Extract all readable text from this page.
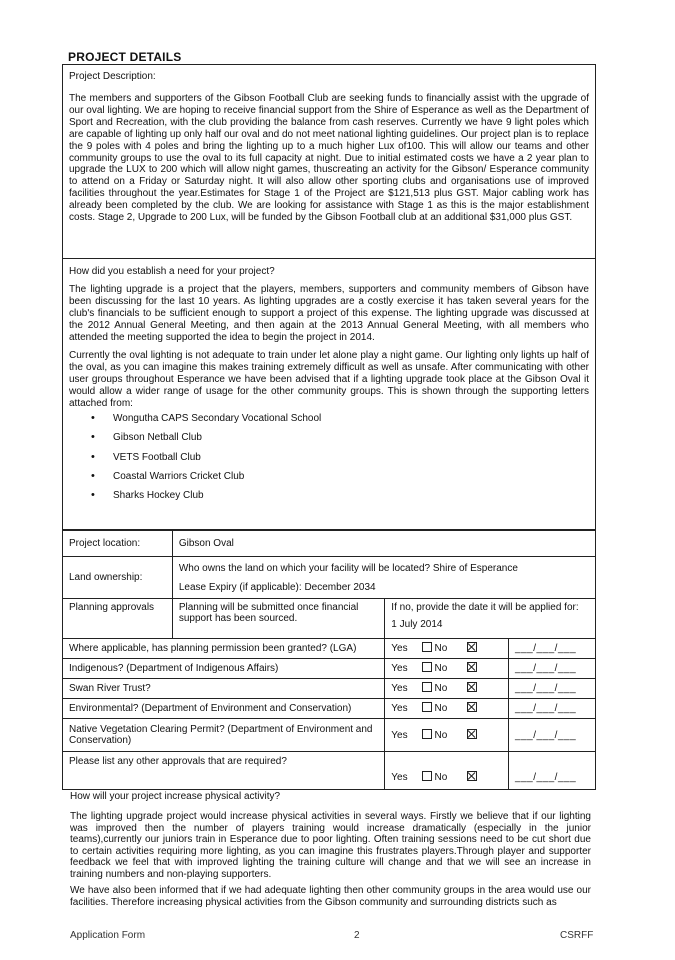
PROJECT DETAILS
Project Description:
The members and supporters of the Gibson Football Club are seeking funds to financially assist with the upgrade of our oval lighting. We are hoping to receive financial support from the Shire of Esperance as well as the Department of Sport and Recreation, with the club providing the balance from cash reserves. Currently we have 9 light poles which are capable of lighting up only half our oval and do not meet national lighting guidelines. Our project plan is to replace the 9 poles with 4 poles and bring the lighting up to a much higher Lux of100. This will allow our teams and other community groups to use the oval to its full capacity at night. Due to initial estimated costs we have a 2 year plan to upgrade the LUX to 200 which will allow night games, thuscreating an activity for the Gibson/ Esperance community to attend on a Friday or Saturday night. It will also allow other sporting clubs and organisations use of improved facilities throughout the year.Estimates for Stage 1 of the Project are $121,513 plus GST. Major cabling work has already been completed by the club. We are looking for assistance with Stage 1 as this is the major establishment costs. Stage 2, Upgrade to 200 Lux, will be funded by the Gibson Football club at an additional $31,000 plus GST.
How did you establish a need for your project?
The lighting upgrade is a project that the players, members, supporters and community members of Gibson have been discussing for the last 10 years. As lighting upgrades are a costly exercise it has taken several years for the club's financials to be sufficient enough to support a project of this expense. The lighting upgrade was discussed at the 2012 Annual General Meeting, and then again at the 2013 Annual General Meeting, with all members who attended the meeting supported the idea to begin the project in 2014.
Currently the oval lighting is not adequate to train under let alone play a night game. Our lighting only lights up half of the oval, as you can imagine this makes training extremely difficult as well as unsafe. After communicating with other user groups throughout Esperance we have been advised that if a lighting upgrade took place at the Gibson Oval it would allow a wider range of usage for the other community groups. This is shown through the supporting letters attached from:
• Wongutha CAPS Secondary Vocational School
• Gibson Netball Club
• VETS Football Club
• Coastal Warriors Cricket Club
• Sharks Hockey Club
Project location:	Gibson Oval		
Land ownership:	Who owns the land on which your facility will be located? Shire of Esperance
Lease Expiry (if applicable): December 2034		

Planning approvals	Planning will be submitted once financial support has been sourced.	If no, provide the date it will be applied for:
1 July 2014	

Where applicable, has planning permission been granted? (LGA)		Yes No	___/___/___
Indigenous? (Department of Indigenous Affairs)		Yes No	___/___/___
Swan River Trust?		Yes No	___/___/___
Environmental? (Department of Environment and Conservation)		Yes No	___/___/___
Native Vegetation Clearing Permit? (Department of Environment and Conservation)		Yes No	___/___/___
Please list any other approvals that are required?		Yes No	___/___/___
How will your project increase physical activity?
The lighting upgrade project would increase physical activities in several ways. Firstly we believe that if our lighting was improved then the number of players training would increase dramatically (especially in the junior teams),currently our juniors train in Esperance due to poor lighting. Often training sessions need to be cut short due to certain activities requiring more lighting, as you can imagine this frustrates players.Through player and supporter feedback we feel that with improved lighting the training culture will change and that we will see an increase in training numbers and non-playing supporters.
We have also been informed that if we had adequate lighting then other community groups in the area would use our facilities. Therefore increasing physical activities from the Gibson community and surrounding districts such as
Application Form	2	CSRFF
